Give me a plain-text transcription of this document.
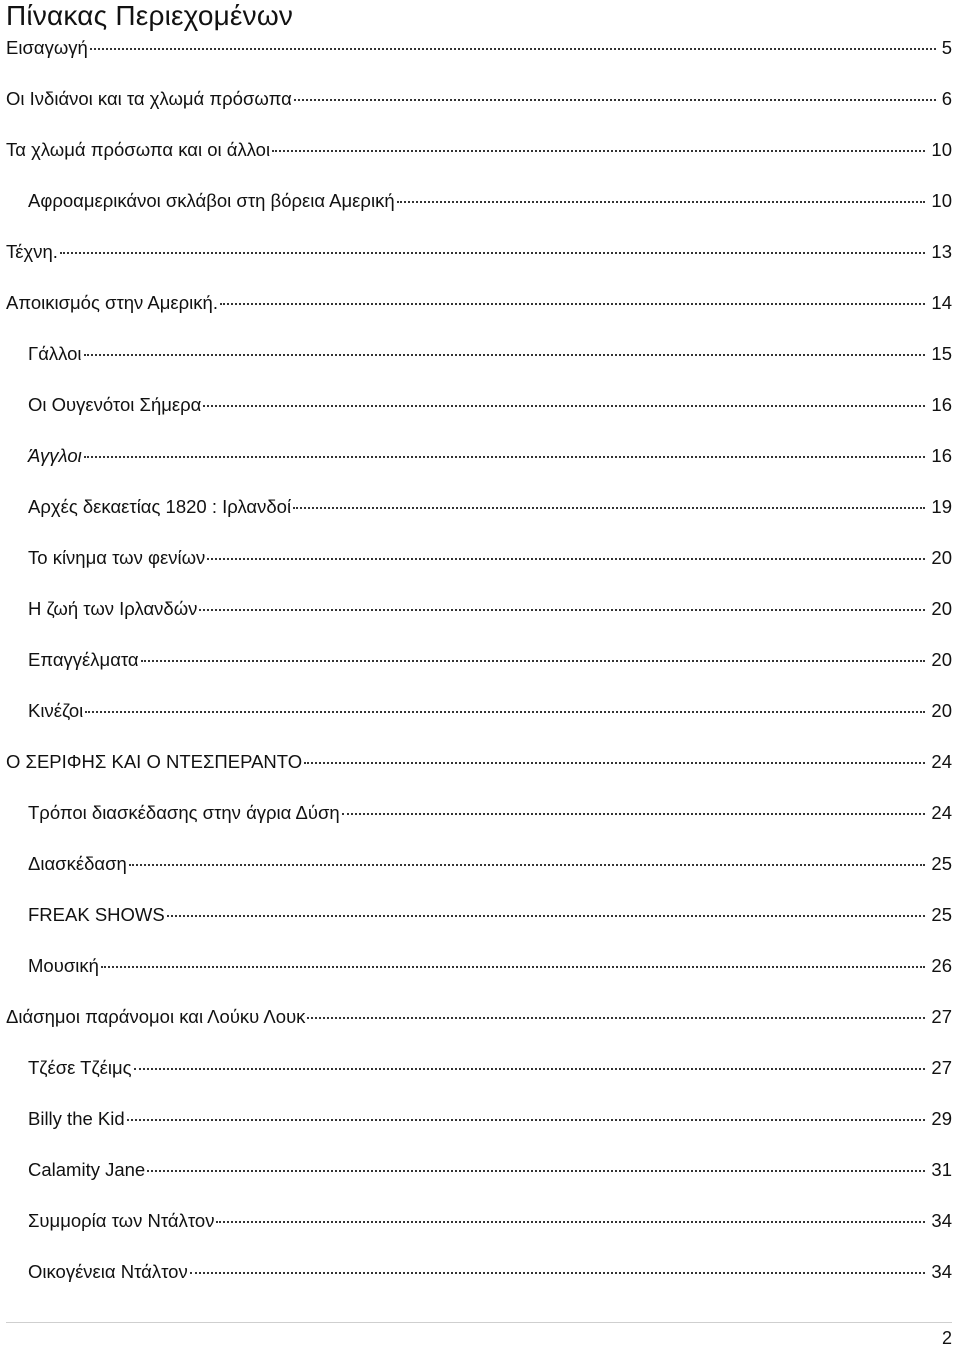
Πίνακας Περιεχομένων
Εισαγωγή	5
Οι Ινδιάνοι και τα χλωμά πρόσωπα	6
Τα χλωμά πρόσωπα και οι άλλοι	10
Αφροαμερικάνοι σκλάβοι στη βόρεια Αμερική	10
Τέχνη.	13
Αποικισμός στην Αμερική.	14
Γάλλοι	15
Οι Ουγενότοι Σήμερα	16
Άγγλοι	16
Αρχές δεκαετίας 1820 : Ιρλανδοί	19
Το κίνημα των φενίων	20
Η ζωή των Ιρλανδών	20
Επαγγέλματα	20
Κινέζοι	20
Ο ΣΕΡΙΦΗΣ ΚΑΙ Ο ΝΤΕΣΠΕΡΑΝΤΟ	24
Τρόποι διασκέδασης στην άγρια Δύση	24
Διασκέδαση	25
FREAK SHOWS	25
Μουσική	26
Διάσημοι παράνομοι και Λούκυ Λουκ	27
Τζέσε Τζέιμς	27
Billy the Kid	29
Calamity Jane	31
Συμμορία των Ντάλτον	34
Οικογένεια Ντάλτον	34
2
